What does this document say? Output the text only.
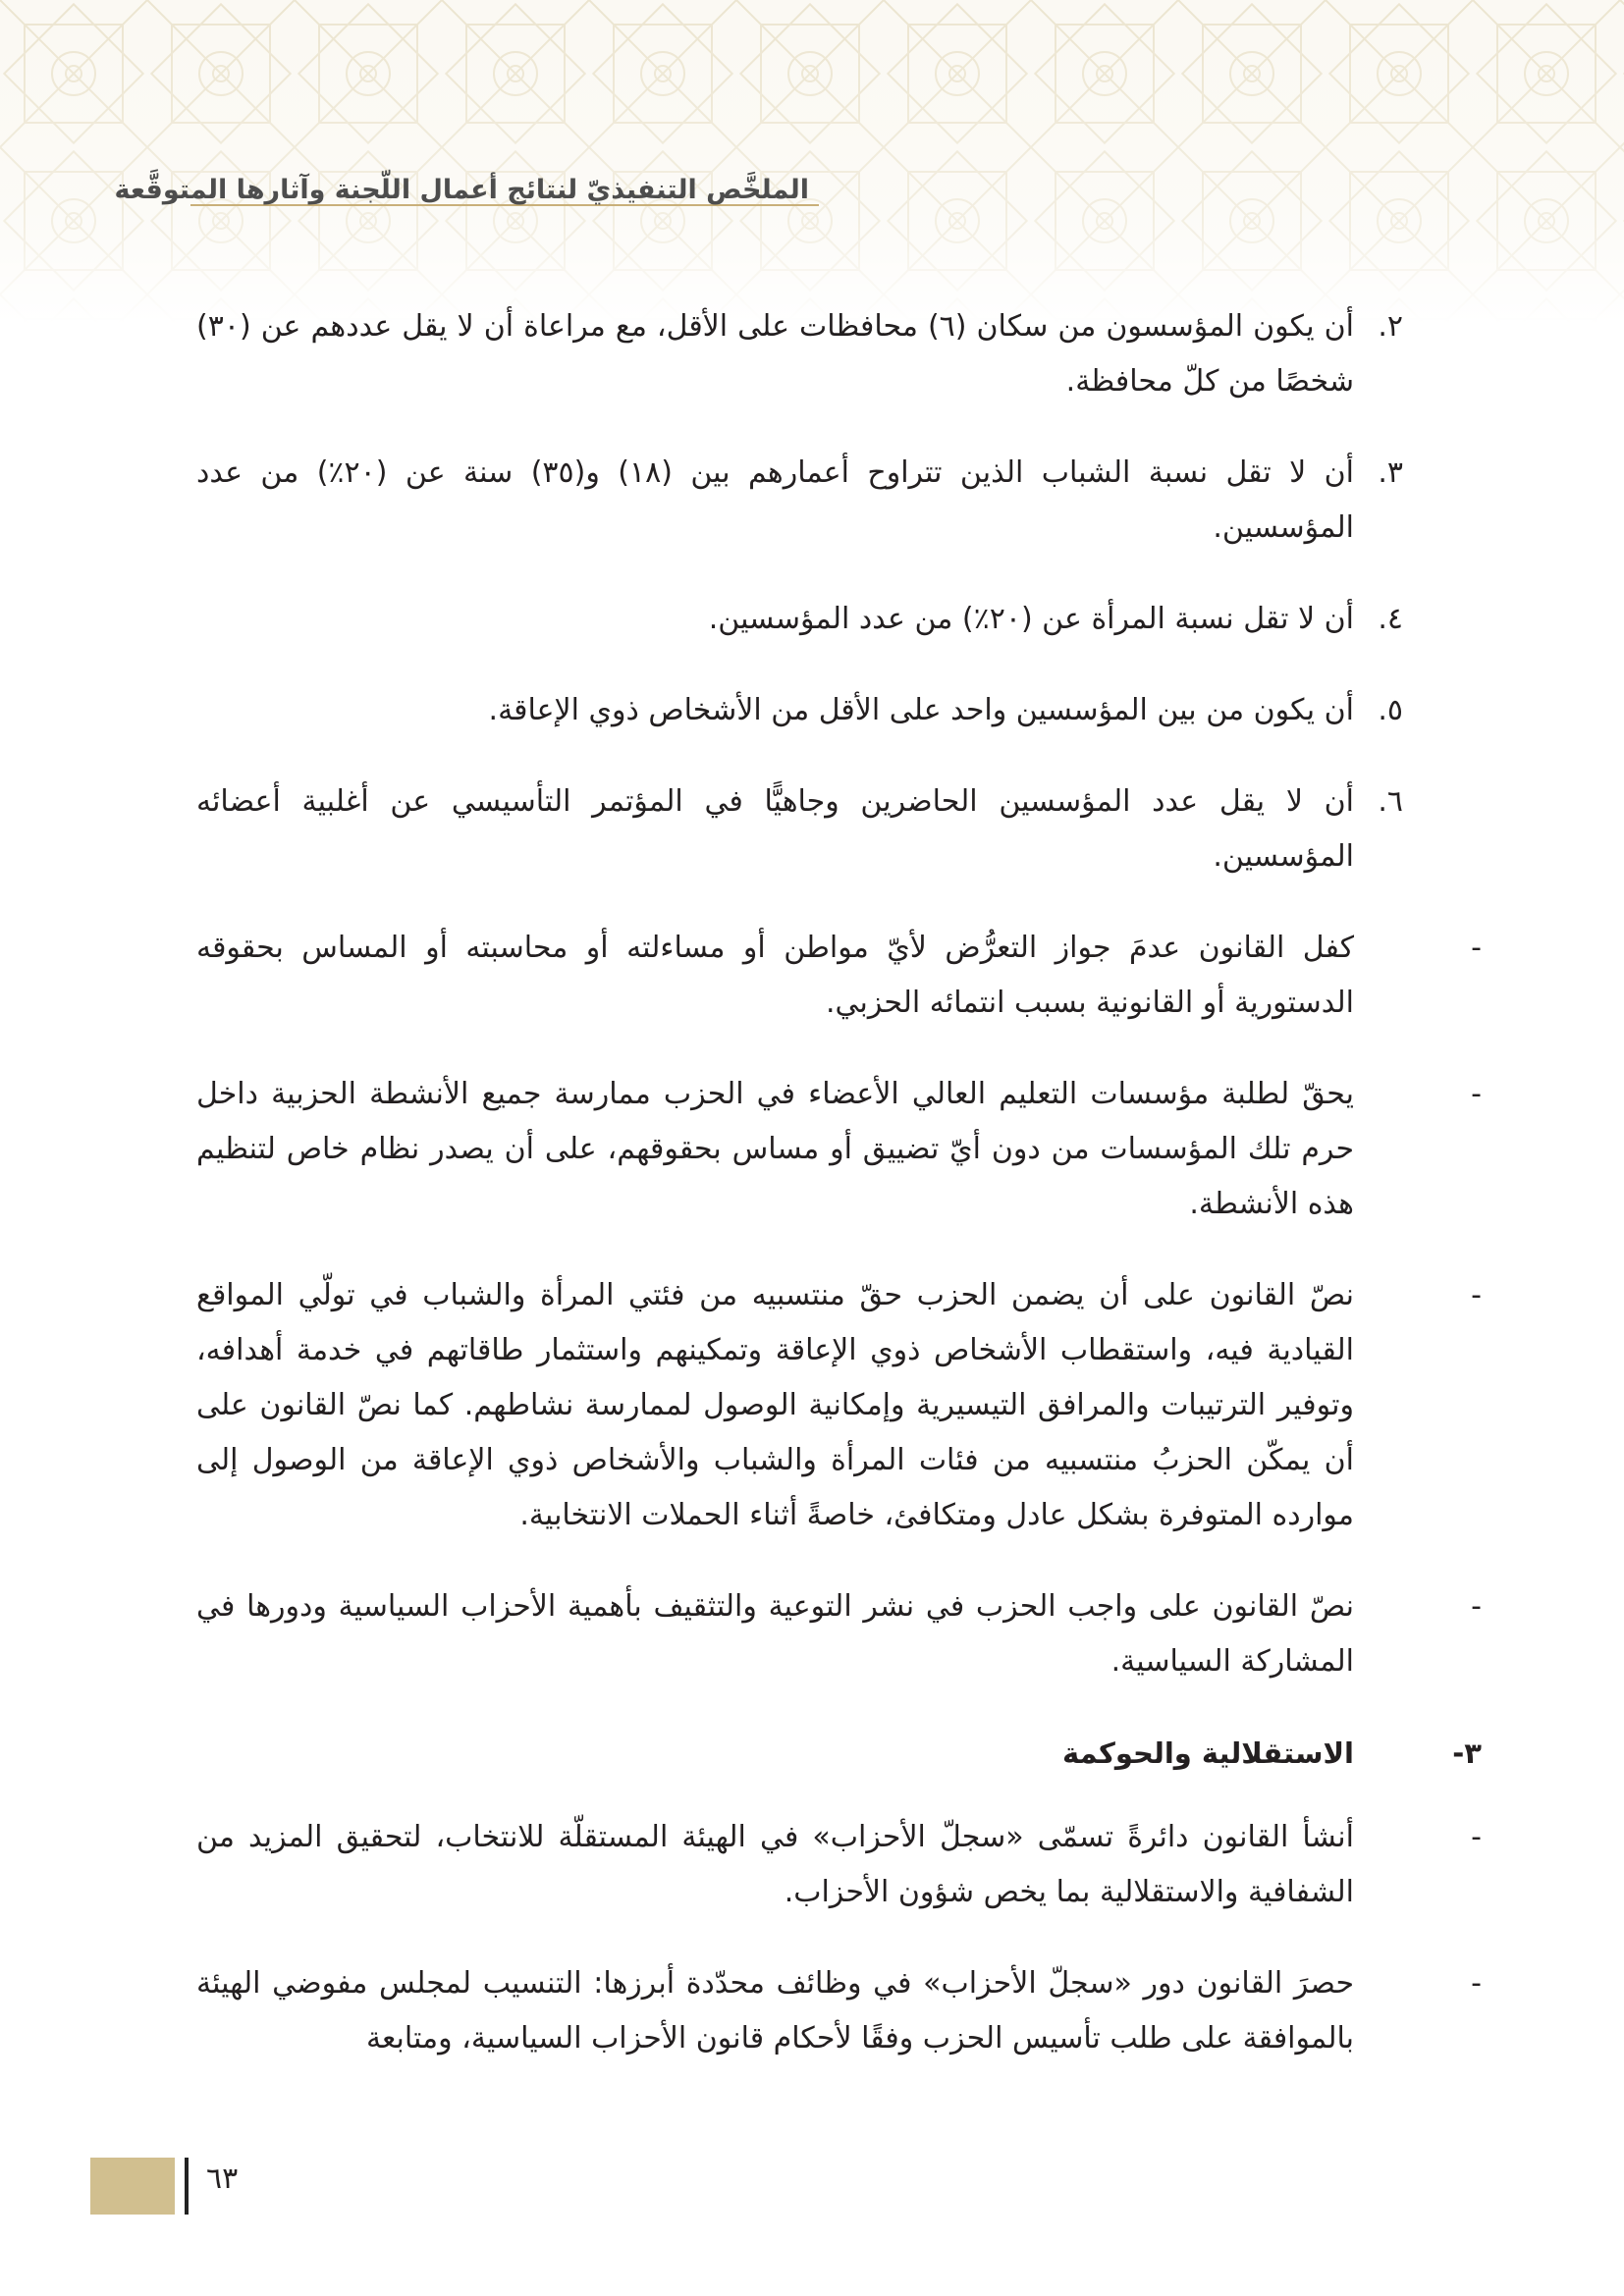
الملخَّص التنفيذيّ لنتائج أعمال اللّجنة وآثارها المتوقَّعة
٢.
أن يكون المؤسسون من سكان (٦) محافظات على الأقل، مع مراعاة أن لا يقل عددهم عن (٣٠) شخصًا من كلّ محافظة.
٣.
أن لا تقل نسبة الشباب الذين تتراوح أعمارهم بين (١٨) و(٣٥) سنة عن (٢٠٪) من عدد المؤسسين.
٤.
أن لا تقل نسبة المرأة عن (٢٠٪) من عدد المؤسسين.
٥.
أن يكون من بين المؤسسين واحد على الأقل من الأشخاص ذوي الإعاقة.
٦.
أن لا يقل عدد المؤسسين الحاضرين وجاهيًّا في المؤتمر التأسيسي عن أغلبية أعضائه المؤسسين.
-
كفل القانون عدمَ جواز التعرُّض لأيّ مواطن أو مساءلته أو محاسبته أو المساس بحقوقه الدستورية أو القانونية بسبب انتمائه الحزبي.
-
يحقّ لطلبة مؤسسات التعليم العالي الأعضاء في الحزب ممارسة جميع الأنشطة الحزبية داخل حرم تلك المؤسسات من دون أيّ تضييق أو مساس بحقوقهم، على أن يصدر نظام خاص لتنظيم هذه الأنشطة.
-
نصّ القانون على أن يضمن الحزب حقّ منتسبيه من فئتي المرأة والشباب في تولّي المواقع القيادية فيه، واستقطاب الأشخاص ذوي الإعاقة وتمكينهم واستثمار طاقاتهم في خدمة أهدافه، وتوفير الترتيبات والمرافق التيسيرية وإمكانية الوصول لممارسة نشاطهم. كما نصّ القانون على أن يمكّن الحزبُ منتسبيه من فئات المرأة والشباب والأشخاص ذوي الإعاقة من الوصول إلى موارده المتوفرة بشكل عادل ومتكافئ، خاصةً أثناء الحملات الانتخابية.
-
نصّ القانون على واجب الحزب في نشر التوعية والتثقيف بأهمية الأحزاب السياسية ودورها في المشاركة السياسية.
٣-
الاستقلالية والحوكمة
-
أنشأ القانون دائرةً تسمّى «سجلّ الأحزاب» في الهيئة المستقلّة للانتخاب، لتحقيق المزيد من الشفافية والاستقلالية بما يخص شؤون الأحزاب.
-
حصرَ القانون دور «سجلّ الأحزاب» في وظائف محدّدة أبرزها: التنسيب لمجلس مفوضي الهيئة بالموافقة على طلب تأسيس الحزب وفقًا لأحكام قانون الأحزاب السياسية، ومتابعة
٦٣
